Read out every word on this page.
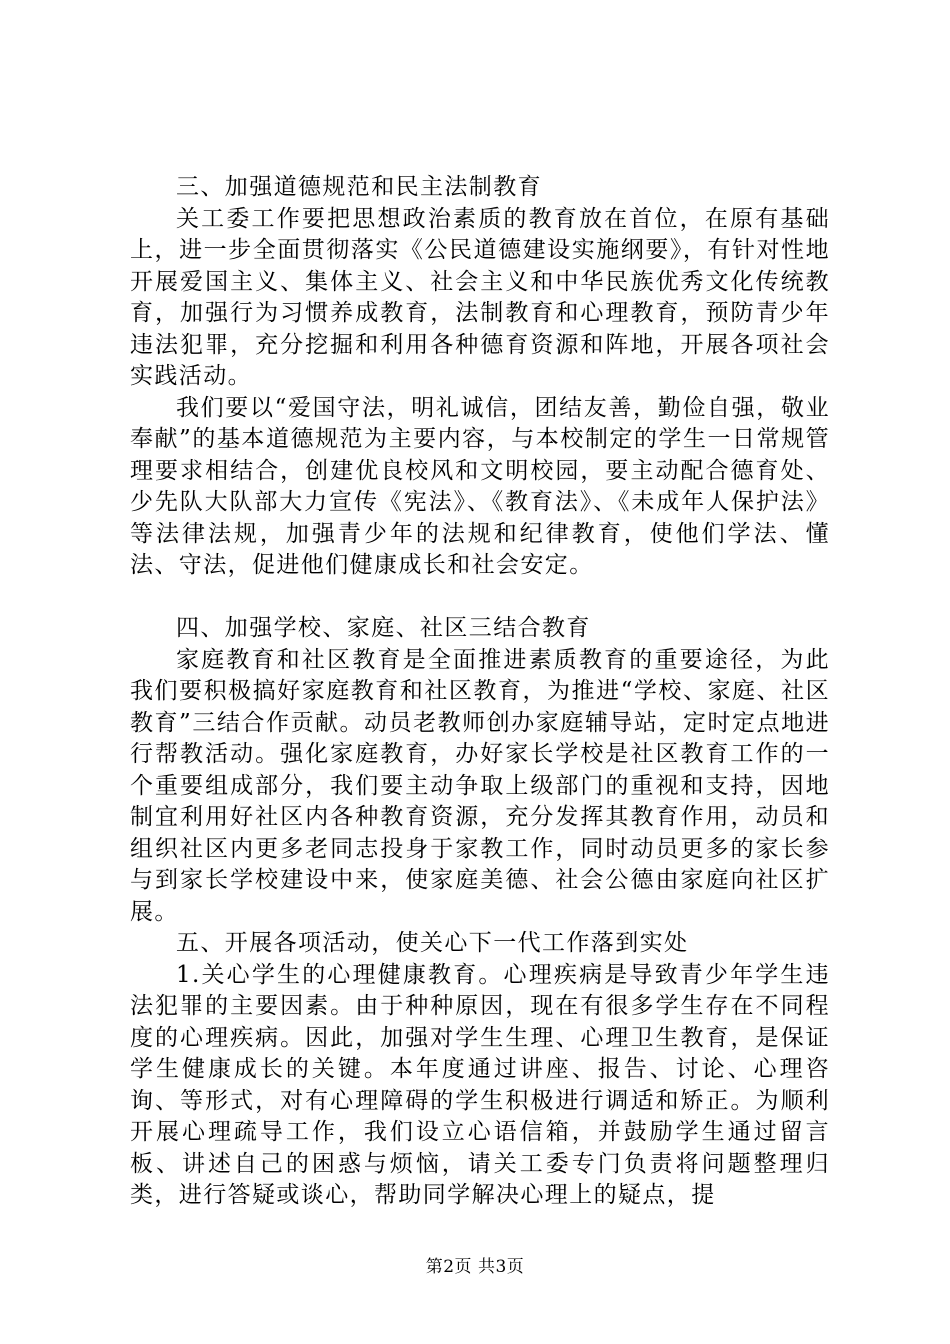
三、加强道德规范和民主法制教育

关工委工作要把思想政治素质的教育放在首位，在原有基础上，进一步全面贯彻落实《公民道德建设实施纲要》，有针对性地开展爱国主义、集体主义、社会主义和中华民族优秀文化传统教育，加强行为习惯养成教育，法制教育和心理教育，预防青少年违法犯罪，充分挖掘和利用各种德育资源和阵地，开展各项社会实践活动。

我们要以“爱国守法，明礼诚信，团结友善，勤俭自强，敬业奉献”的基本道德规范为主要内容，与本校制定的学生一日常规管理要求相结合，创建优良校风和文明校园，要主动配合德育处、少先队大队部大力宣传《宪法》、《教育法》、《未成年人保护法》等法律法规，加强青少年的法规和纪律教育，使他们学法、懂法、守法，促进他们健康成长和社会安定。

四、加强学校、家庭、社区三结合教育

家庭教育和社区教育是全面推进素质教育的重要途径，为此我们要积极搞好家庭教育和社区教育，为推进“学校、家庭、社区教育”三结合作贡献。动员老教师创办家庭辅导站，定时定点地进行帮教活动。强化家庭教育，办好家长学校是社区教育工作的一个重要组成部分，我们要主动争取上级部门的重视和支持，因地制宜利用好社区内各种教育资源，充分发挥其教育作用，动员和组织社区内更多老同志投身于家教工作，同时动员更多的家长参与到家长学校建设中来，使家庭美德、社会公德由家庭向社区扩展。

五、开展各项活动，使关心下一代工作落到实处

1.关心学生的心理健康教育。心理疾病是导致青少年学生违法犯罪的主要因素。由于种种原因，现在有很多学生存在不同程度的心理疾病。因此，加强对学生生理、心理卫生教育，是保证学生健康成长的关键。本年度通过讲座、报告、讨论、心理咨询、等形式，对有心理障碍的学生积极进行调适和矫正。为顺利开展心理疏导工作，我们设立心语信箱，并鼓励学生通过留言板、讲述自己的困惑与烦恼，请关工委专门负责将问题整理归类，进行答疑或谈心，帮助同学解决心理上的疑点，提

第2页 共3页
